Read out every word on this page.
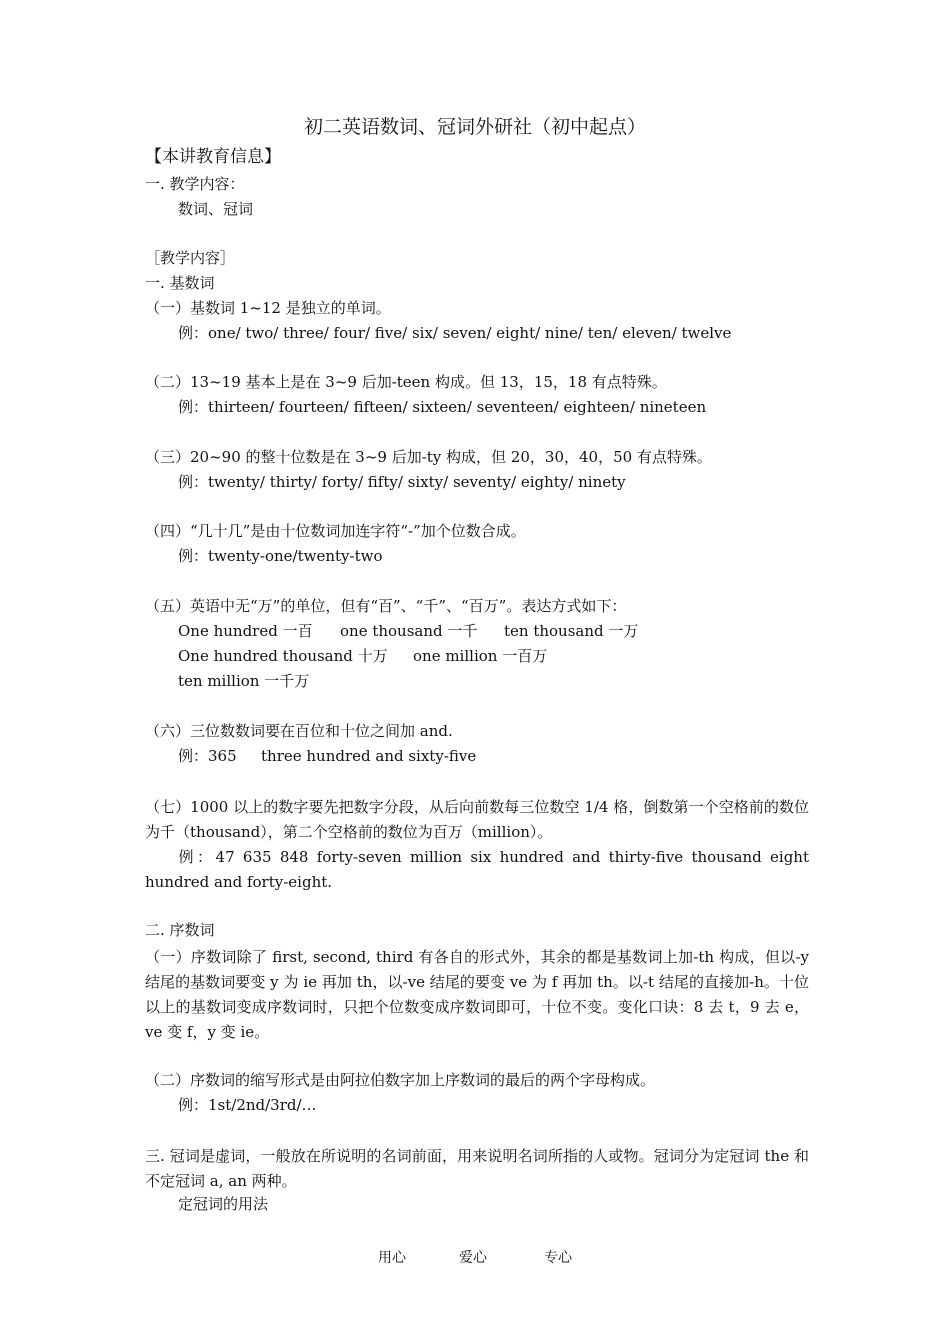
初二英语数词、冠词外研社（初中起点）
【本讲教育信息】
一. 教学内容：
数词、冠词
［教学内容］
一. 基数词
（一）基数词 1~12 是独立的单词。
例：one/ two/ three/ four/ five/ six/ seven/ eight/ nine/ ten/ eleven/ twelve
（二）13~19 基本上是在 3~9 后加-teen 构成。但 13，15，18 有点特殊。
例：thirteen/ fourteen/ fifteen/ sixteen/ seventeen/ eighteen/ nineteen
（三）20~90 的整十位数是在 3~9 后加-ty 构成，但 20，30，40，50 有点特殊。
例：twenty/ thirty/ forty/ fifty/ sixty/ seventy/ eighty/ ninety
（四）“几十几”是由十位数词加连字符“-”加个位数合成。
例：twenty-one/twenty-two
（五）英语中无“万”的单位，但有“百”、“千”、“百万”。表达方式如下：
One hundred 一百 one thousand 一千 ten thousand 一万
One hundred thousand 十万 one million 一百万
ten million 一千万
（六）三位数数词要在百位和十位之间加 and.
例：365 three hundred and sixty-five
（七）1000 以上的数字要先把数字分段，从后向前数每三位数空 1/4 格，倒数第一个空格前的数位为千（thousand），第二个空格前的数位为百万（million）。
例：47 635 848 forty-seven million six hundred and thirty-five thousand eight hundred and forty-eight.
二. 序数词
（一）序数词除了 first, second, third 有各自的形式外，其余的都是基数词上加-th 构成，但以-y 结尾的基数词要变 y 为 ie 再加 th，以-ve 结尾的要变 ve 为 f 再加 th。以-t 结尾的直接加-h。十位以上的基数词变成序数词时，只把个位数变成序数词即可，十位不变。变化口诀：8 去 t，9 去 e，ve 变 f，y 变 ie。
（二）序数词的缩写形式是由阿拉伯数字加上序数词的最后的两个字母构成。
例：1st/2nd/3rd/…
三. 冠词是虚词，一般放在所说明的名词前面，用来说明名词所指的人或物。冠词分为定冠词 the 和不定冠词 a, an 两种。
定冠词的用法
用心	爱心	专心
